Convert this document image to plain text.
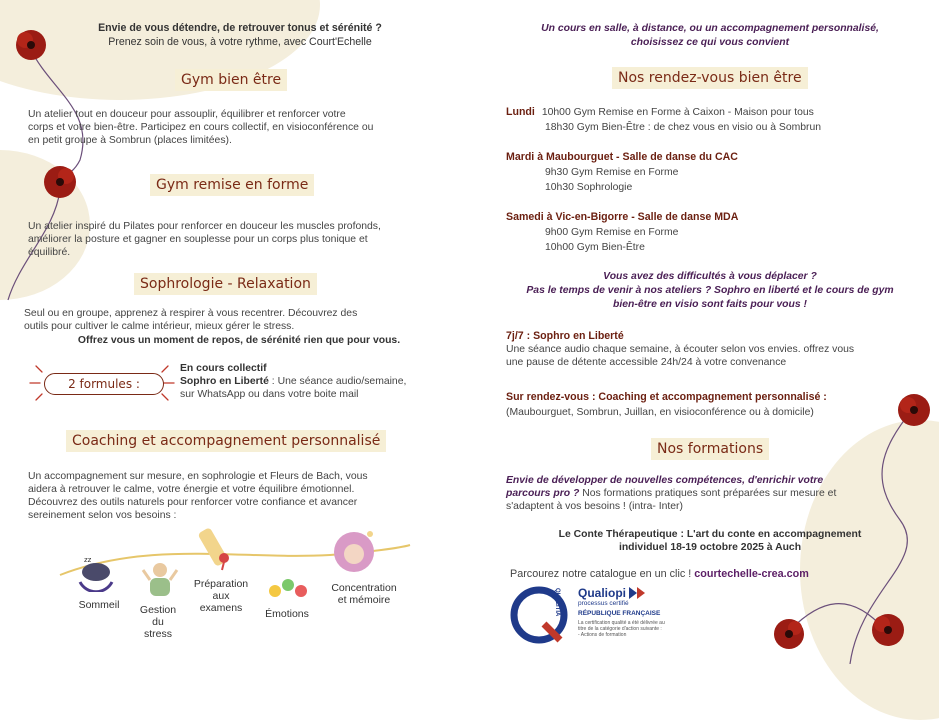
Envie de vous détendre, de retrouver tonus et sérénité ?
Prenez soin de vous, à votre rythme, avec Court'Echelle
Gym bien être
Un atelier tout en douceur pour assouplir, équilibrer et renforcer votre
corps et votre bien-être. Participez en cours collectif, en visioconférence ou
en petit groupe à Sombrun (places limitées).
Gym remise en forme
Un atelier inspiré du Pilates pour renforcer en douceur les muscles profonds,
améliorer la posture et gagner en souplesse pour un corps plus tonique et
équilibré.
Sophrologie - Relaxation
Seul ou en groupe, apprenez à respirer à vous recentrer. Découvrez des
outils pour cultiver le calme intérieur, mieux gérer le stress.
Offrez vous un moment de repos, de sérénité rien que pour vous.
2 formules :
En cours collectif
Sophro en Liberté : Une séance audio/semaine,
sur WhatsApp ou dans votre boite mail
Coaching et accompagnement personnalisé
Un accompagnement sur mesure, en sophrologie et Fleurs de Bach, vous
aidera à retrouver le calme, votre énergie et votre équilibre émotionnel.
Découvrez des outils naturels pour renforcer votre confiance et avancer
sereinement selon vos besoins :
zz
Sommeil	Gestion
du
stress
Préparation
aux
examens	Émotions
Concentration
et mémoire
Un cours en salle, à distance, ou un accompagnement personnalisé,
choisissez ce qui vous convient
Nos rendez-vous bien être
Lundi 10h00 Gym Remise en Forme à Caixon - Maison pour tous
18h30 Gym Bien-Être : de chez vous en visio ou à Sombrun
Mardi à Maubourguet - Salle de danse du CAC
9h30 Gym Remise en Forme
10h30 Sophrologie
Samedi à Vic-en-Bigorre - Salle de danse MDA
9h00 Gym Remise en Forme
10h00 Gym Bien-Être
Vous avez des difficultés à vous déplacer ?
Pas le temps de venir à nos ateliers ? Sophro en liberté et le cours de gym
bien-être en visio sont faits pour vous !
7j/7 : Sophro en Liberté
Une séance audio chaque semaine, à écouter selon vos envies. offrez vous
une pause de détente accessible 24h/24 à votre convenance
Sur rendez-vous : Coaching et accompagnement personnalisé :
(Maubourguet, Sombrun, Juillan, en visioconférence ou à domicile)
Nos formations
Envie de développer de nouvelles compétences, d'enrichir votre
parcours pro ? Nos formations pratiques sont préparées sur mesure et
s'adaptent à vos besoins ! (intra- Inter)
Le Conte Thérapeutique : L'art du conte en accompagnement
individuel 18-19 octobre 2025 à Auch
Parcourez notre catalogue en un clic ! courtechelle-crea.com
QUALITIA Qualiopi
processus certifié
RÉPUBLIQUE FRANÇAISE
La certification qualité a été délivrée au
titre de la catégorie d'action suivante :
- Actions de formation
